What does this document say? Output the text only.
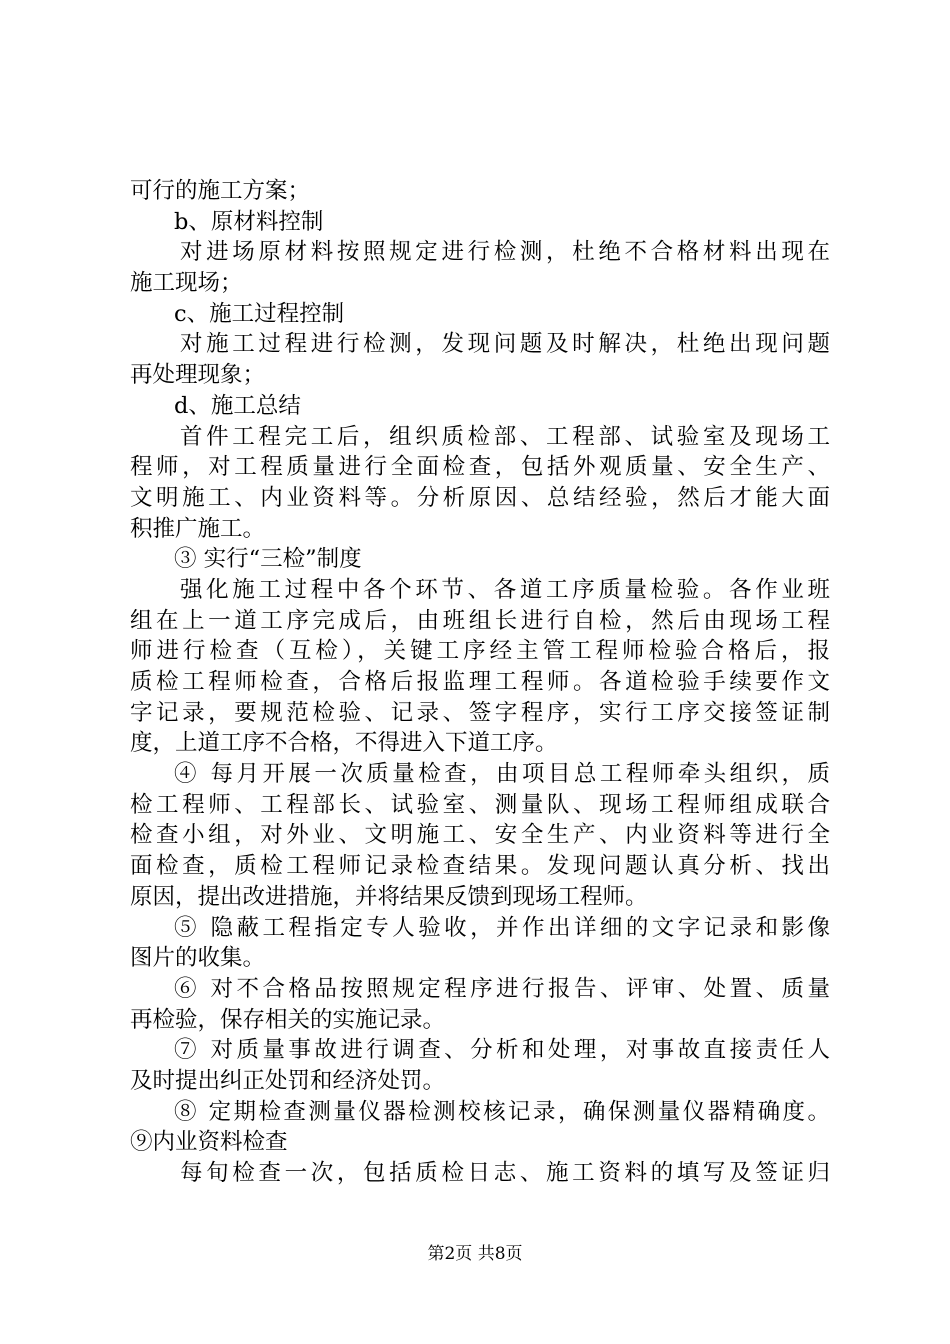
可行的施工方案；
b、原材料控制
对进场原材料按照规定进行检测，杜绝不合格材料出现在
施工现场；
c、施工过程控制
对施工过程进行检测，发现问题及时解决，杜绝出现问题
再处理现象；
d、施工总结
首件工程完工后，组织质检部、工程部、试验室及现场工
程师，对工程质量进行全面检查，包括外观质量、安全生产、
文明施工、内业资料等。分析原因、总结经验，然后才能大面
积推广施工。
③ 实行“三检”制度
强化施工过程中各个环节、各道工序质量检验。各作业班
组在上一道工序完成后，由班组长进行自检，然后由现场工程
师进行检查（互检），关键工序经主管工程师检验合格后，报
质检工程师检查，合格后报监理工程师。各道检验手续要作文
字记录，要规范检验、记录、签字程序，实行工序交接签证制
度，上道工序不合格，不得进入下道工序。
④ 每月开展一次质量检查，由项目总工程师牵头组织，质
检工程师、工程部长、试验室、测量队、现场工程师组成联合
检查小组，对外业、文明施工、安全生产、内业资料等进行全
面检查，质检工程师记录检查结果。发现问题认真分析、找出
原因，提出改进措施，并将结果反馈到现场工程师。
⑤ 隐蔽工程指定专人验收，并作出详细的文字记录和影像
图片的收集。
⑥ 对不合格品按照规定程序进行报告、评审、处置、质量
再检验，保存相关的实施记录。
⑦ 对质量事故进行调查、分析和处理，对事故直接责任人
及时提出纠正处罚和经济处罚。
⑧ 定期检查测量仪器检测校核记录，确保测量仪器精确度。
⑨内业资料检查
每旬检查一次，包括质检日志、施工资料的填写及签证归
第2页 共8页
